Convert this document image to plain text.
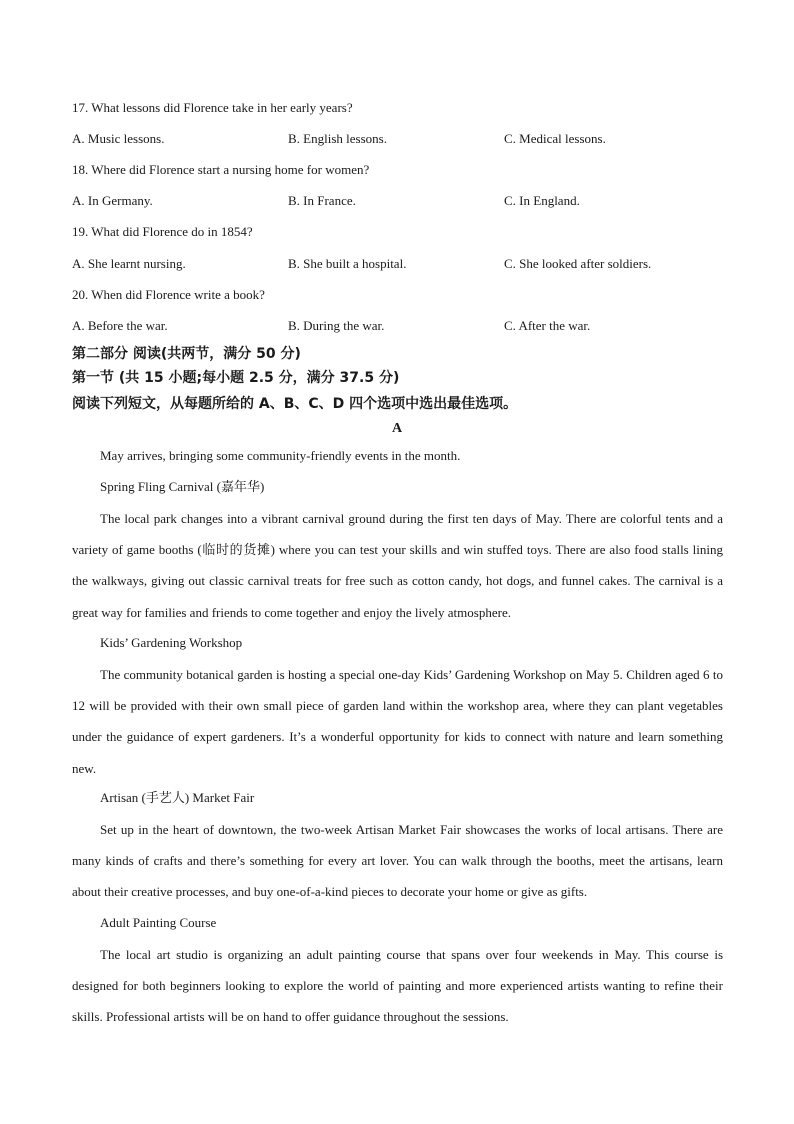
17. What lessons did Florence take in her early years?
A. Music lessons.	B. English lessons.	C. Medical lessons.
18. Where did Florence start a nursing home for women?
A. In Germany.	B. In France.	C. In England.
19. What did Florence do in 1854?
A. She learnt nursing.	B. She built a hospital.	C. She looked after soldiers.
20. When did Florence write a book?
A. Before the war.	B. During the war.	C. After the war.
第二部分 阅读(共两节，满分 50 分)
第一节 (共 15 小题;每小题 2.5 分，满分 37.5 分)
阅读下列短文，从每题所给的 A、B、C、D 四个选项中选出最佳选项。
A
May arrives, bringing some community-friendly events in the month.
Spring Fling Carnival (嘉年华)

The local park changes into a vibrant carnival ground during the first ten days of May. There are colorful tents and a variety of game booths (临时的货摊) where you can test your skills and win stuffed toys. There are also food stalls lining the walkways, giving out classic carnival treats for free such as cotton candy, hot dogs, and funnel cakes. The carnival is a great way for families and friends to come together and enjoy the lively atmosphere.

Kids’ Gardening Workshop

The community botanical garden is hosting a special one-day Kids’ Gardening Workshop on May 5. Children aged 6 to 12 will be provided with their own small piece of garden land within the workshop area, where they can plant vegetables under the guidance of expert gardeners. It’s a wonderful opportunity for kids to connect with nature and learn something new.

Artisan (手艺人) Market Fair

Set up in the heart of downtown, the two-week Artisan Market Fair showcases the works of local artisans. There are many kinds of crafts and there’s something for every art lover. You can walk through the booths, meet the artisans, learn about their creative processes, and buy one-of-a-kind pieces to decorate your home or give as gifts.

Adult Painting Course

The local art studio is organizing an adult painting course that spans over four weekends in May. This course is designed for both beginners looking to explore the world of painting and more experienced artists wanting to refine their skills. Professional artists will be on hand to offer guidance throughout the sessions.
